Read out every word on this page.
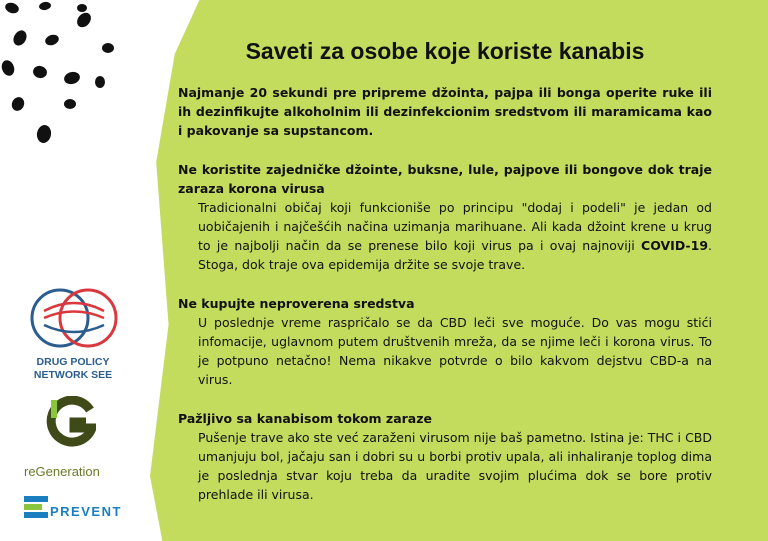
Saveti za osobe koje koriste kanabis

Najmanje 20 sekundi pre pripreme džointa, pajpa ili bonga operite ruke ili ih dezinfikujte alkoholnim ili dezinfekcionim sredstvom ili maramicama kao i pakovanje sa supstancom.

Ne koristite zajedničke džointe, buksne, lule, pajpove ili bongove dok traje zaraza korona virusa

Tradicionalni običaj koji funkcioniše po principu "dodaj i podeli" je jedan od uobičajenih i najčešćih načina uzimanja marihuane. Ali kada džoint krene u krug to je najbolji način da se prenese bilo koji virus pa i ovaj najnoviji COVID-19. Stoga, dok traje ova epidemija držite se svoje trave.

Ne kupujte neproverena sredstva

U poslednje vreme raspričalo se da CBD leči sve moguće. Do vas mogu stići infomacije, uglavnom putem društvenih mreža, da se njime leči i korona virus. To je potpuno netačno! Nema nikakve potvrde o bilo kakvom dejstvu CBD-a na virus.

Pažljivo sa kanabisom tokom zaraze

Pušenje trave ako ste već zaraženi virusom nije baš pametno. Istina je: THC i CBD umanjuju bol, jačaju san i dobri su u borbi protiv upala, ali inhaliranje toplog dima je poslednja stvar koju treba da uradite svojim plućima dok se bore protiv prehlade ili virusa.

DRUG POLICY
NETWORK SEE
reGeneration
PREVENT
